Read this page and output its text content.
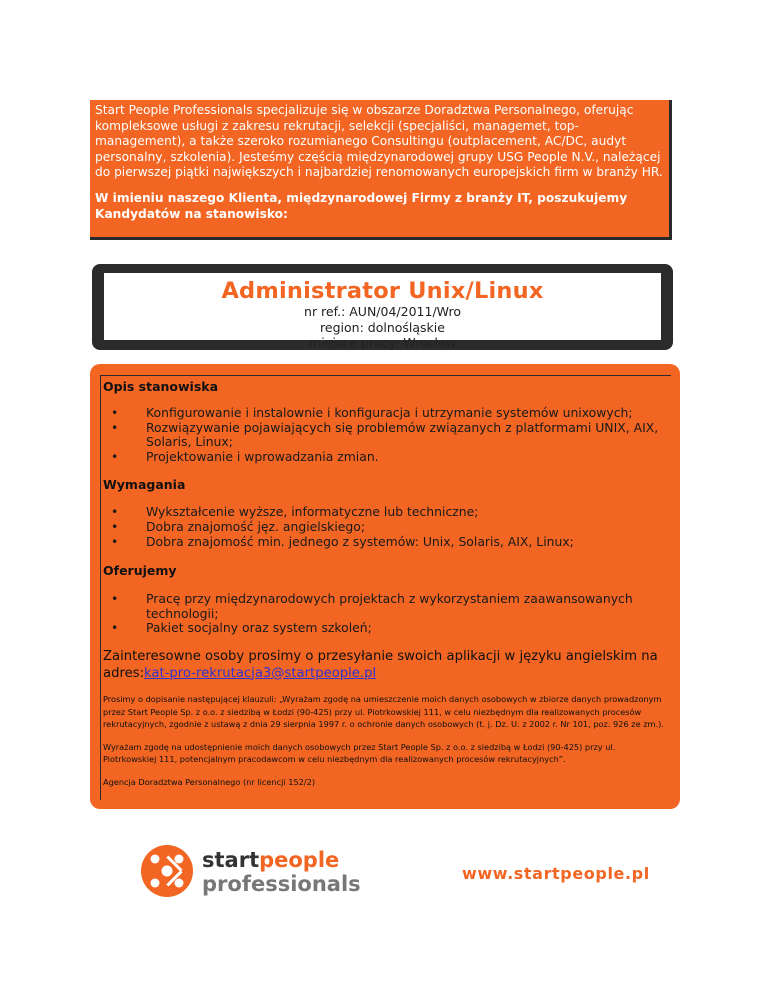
Start People Professionals specjalizuje się w obszarze Doradztwa Personalnego, oferując kompleksowe usługi z zakresu rekrutacji, selekcji (specjaliści, managemet, top-management), a także szeroko rozumianego Consultingu (outplacement, AC/DC, audyt personalny, szkolenia). Jesteśmy częścią międzynarodowej grupy USG People N.V., należącej do pierwszej piątki największych i najbardziej renomowanych europejskich firm w branży HR.

W imieniu naszego Klienta, międzynarodowej Firmy z branży IT, poszukujemy Kandydatów na stanowisko:

Administrator Unix/Linux
nr ref.: AUN/04/2011/Wro
region: dolnośląskie
miejsce pracy: Wrocław
Opis stanowiska
• Konfigurowanie i instalownie i konfiguracja i utrzymanie systemów unixowych;
• Rozwiązywanie pojawiających się problemów związanych z platformami UNIX, AIX, Solaris, Linux;
• Projektowanie i wprowadzania zmian.
Wymagania
• Wykształcenie wyższe, informatyczne lub techniczne;
• Dobra znajomość jęz. angielskiego;
• Dobra znajomość min. jednego z systemów: Unix, Solaris, AIX, Linux;
Oferujemy
• Pracę przy międzynarodowych projektach z wykorzystaniem zaawansowanych technologii;
• Pakiet socjalny oraz system szkoleń;
Zainteresowne osoby prosimy o przesyłanie swoich aplikacji w języku angielskim na adres:kat-pro-rekrutacja3@startpeople.pl
Prosimy o dopisanie następującej klauzuli: „Wyrażam zgodę na umieszczenie moich danych osobowych w zbiorze danych prowadzonym przez Start People Sp. z o.o. z siedzibą w Łodzi (90-425) przy ul. Piotrkowskiej 111, w celu niezbędnym dla realizowanych procesów rekrutacyjnych, zgodnie z ustawą z dnia 29 sierpnia 1997 r. o ochronie danych osobowych (t. j. Dz. U. z 2002 r. Nr 101, poz. 926 ze zm.).
Wyrażam zgodę na udostępnienie moich danych osobowych przez Start People Sp. z o.o. z siedzibą w Łodzi (90-425) przy ul. Piotrkowskiej 111, potencjalnym pracodawcom w celu niezbędnym dla realizowanych procesów rekrutacyjnych”.
Agencja Doradztwa Personalnego (nr licencji 152/2)
startpeople
professionals	www.startpeople.pl
